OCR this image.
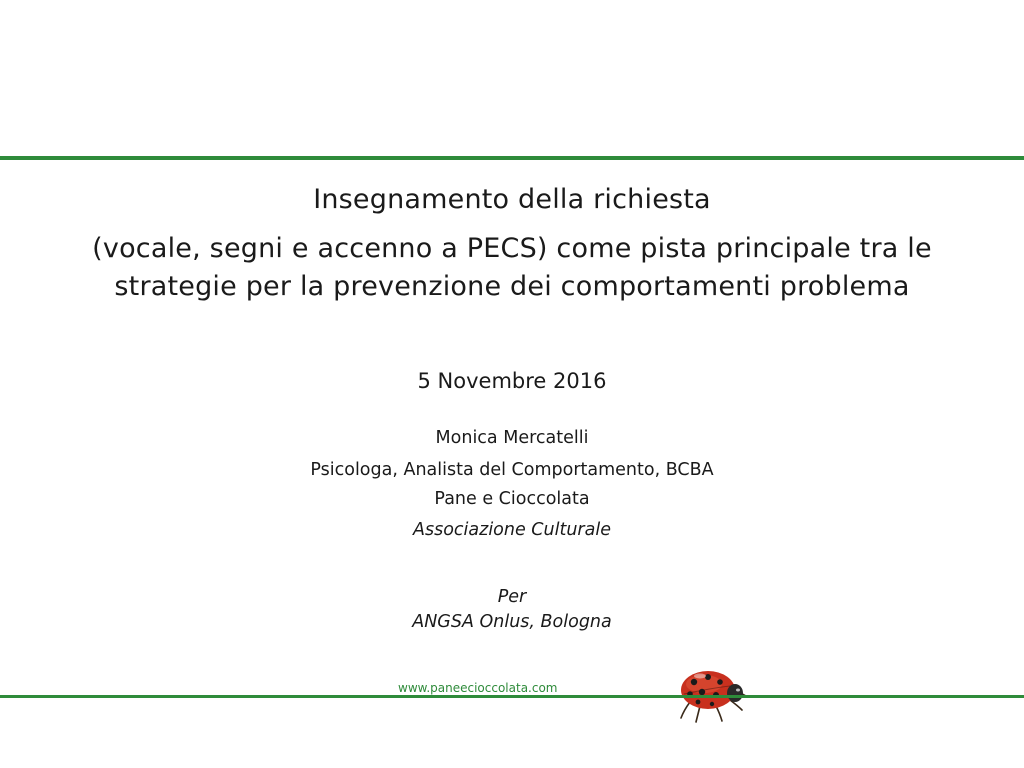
Insegnamento della richiesta
(vocale, segni e accenno a PECS) come pista principale tra le
strategie per la prevenzione dei comportamenti problema
5 Novembre 2016
Monica Mercatelli
Psicologa, Analista del Comportamento, BCBA
Pane e Cioccolata
Associazione Culturale
Per
ANGSA Onlus, Bologna
www.paneecioccolata.com
